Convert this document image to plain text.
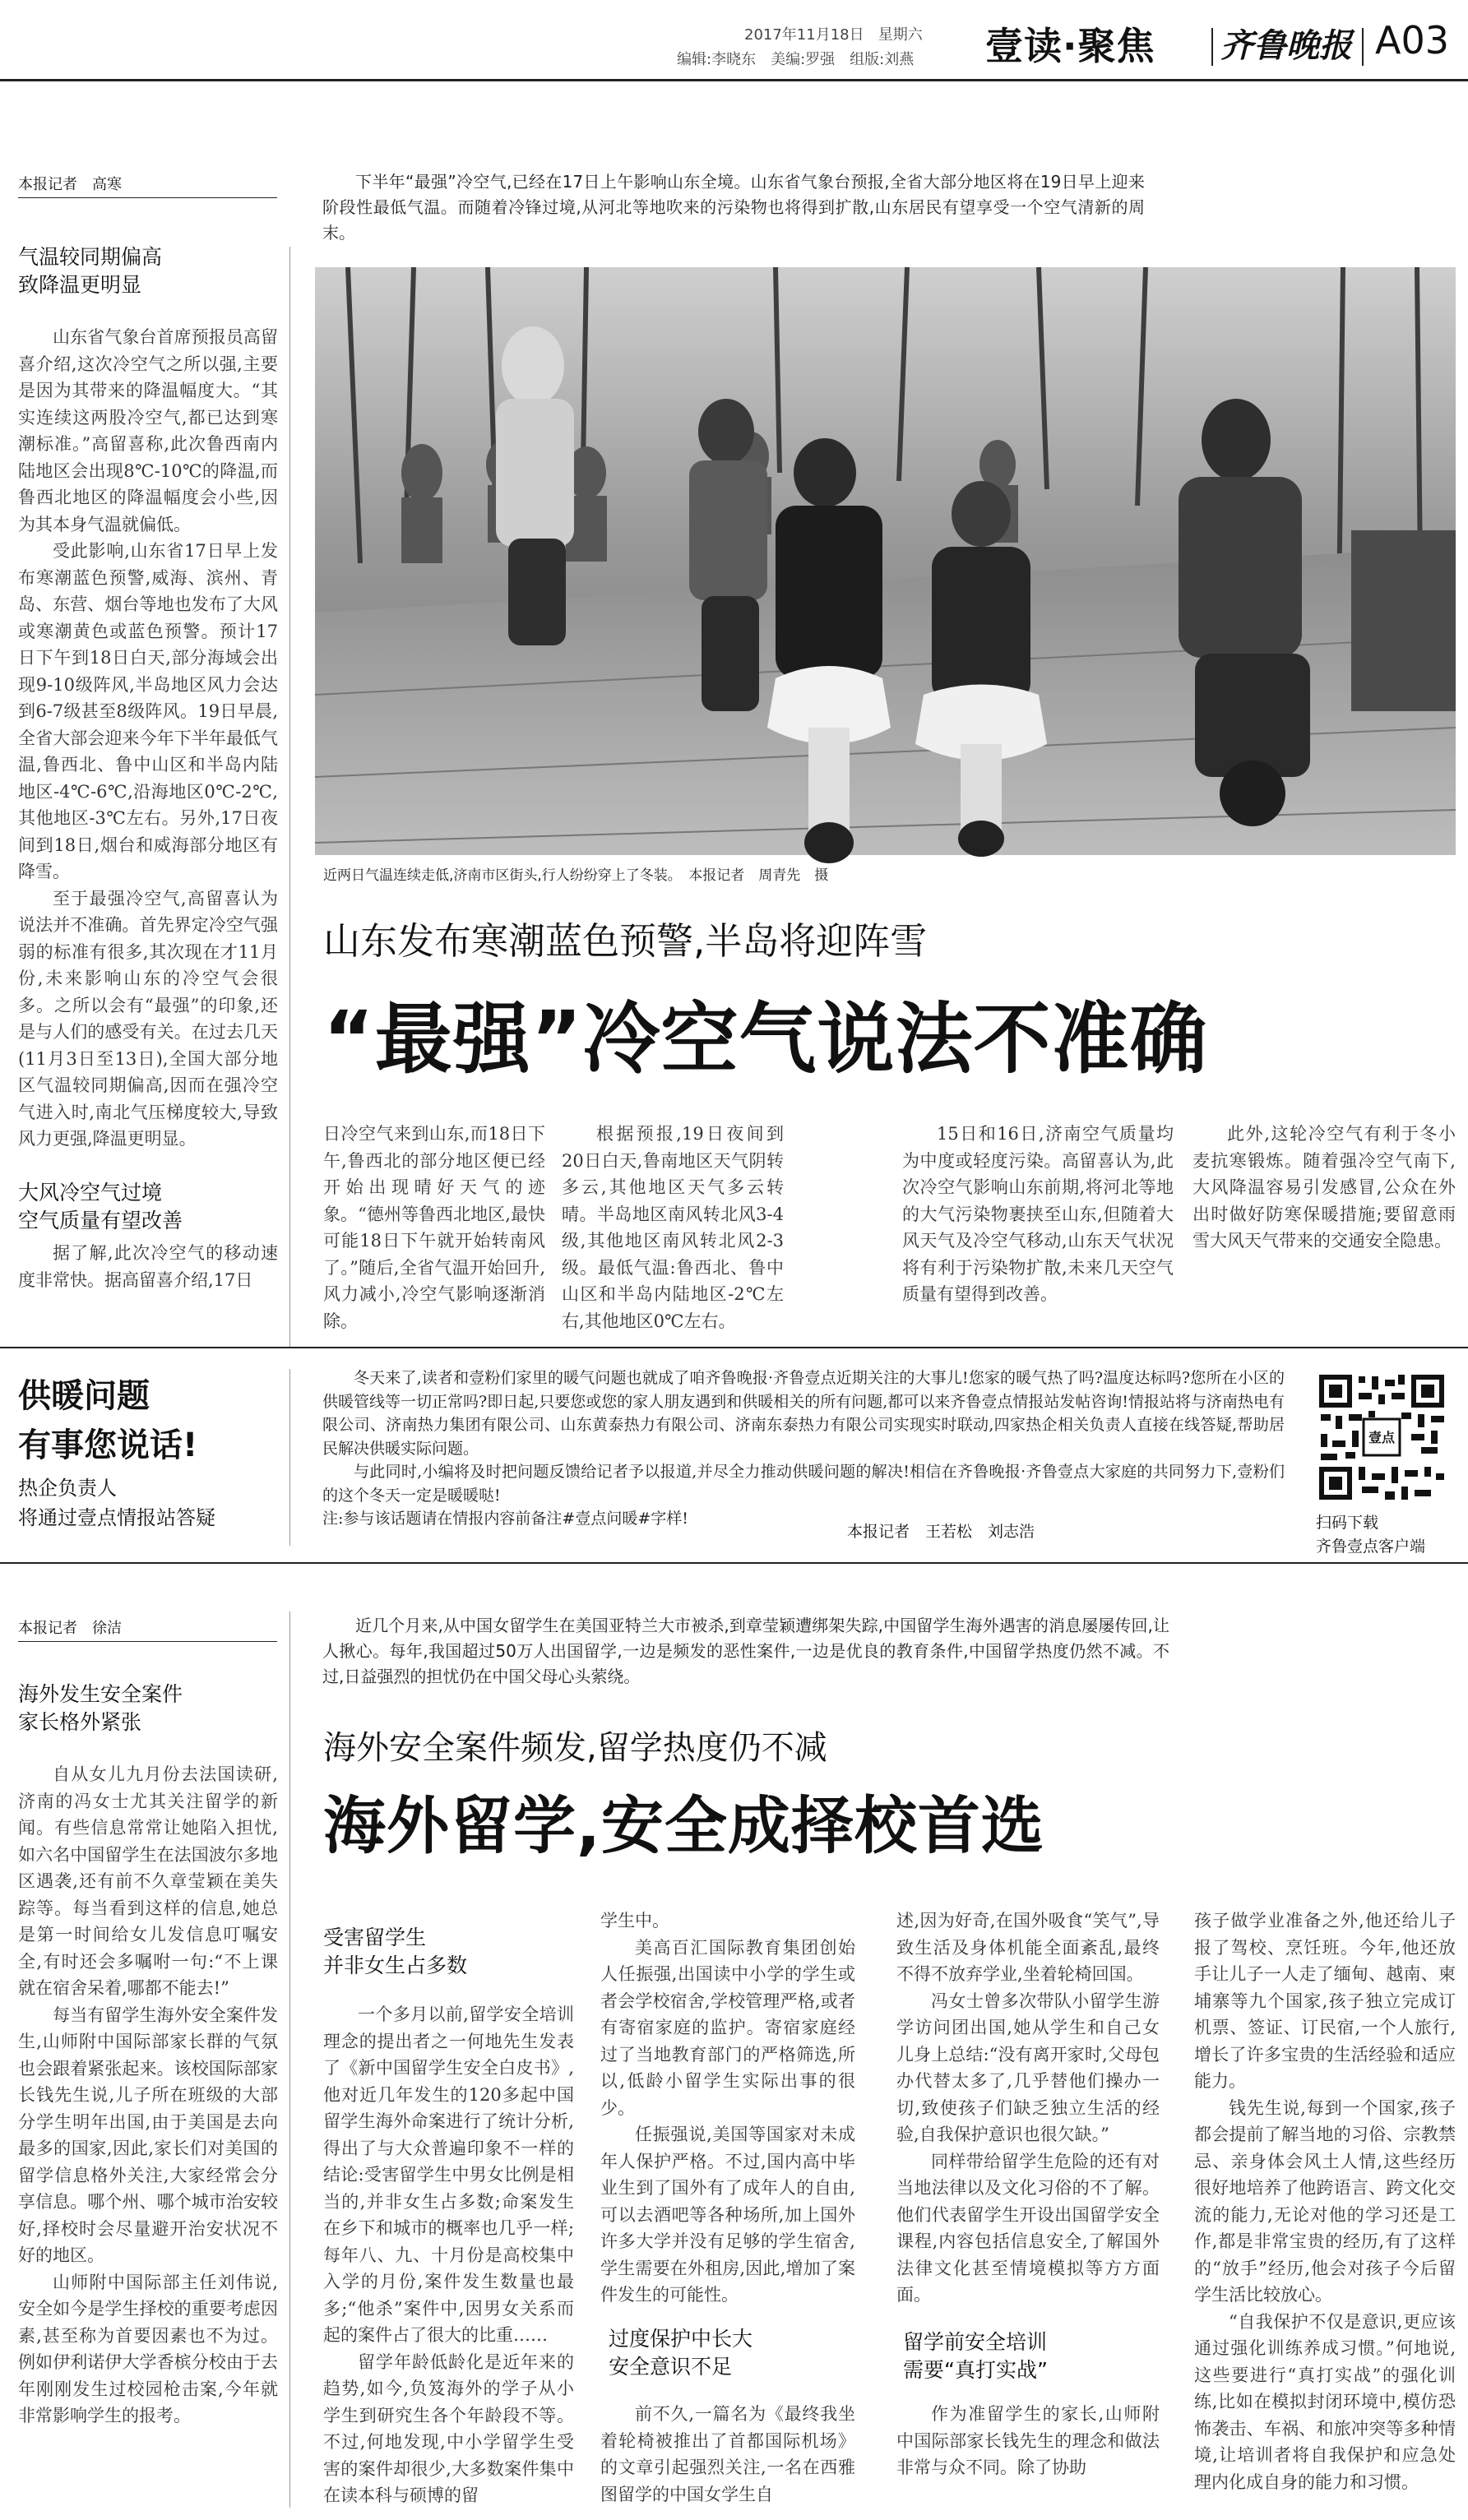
2017年11月18日 星期六
编辑:李晓东　美编:罗强　组版:刘燕 壹读·聚焦 齐鲁晚报 A03
本报记者　高寒
气温较同期偏高
致降温更明显

山东省气象台首席预报员高留喜介绍,这次冷空气之所以强,主要是因为其带来的降温幅度大。“其实连续这两股冷空气,都已达到寒潮标准。”高留喜称,此次鲁西南内陆地区会出现8℃-10℃的降温,而鲁西北地区的降温幅度会小些,因为其本身气温就偏低。

受此影响,山东省17日早上发布寒潮蓝色预警,威海、滨州、青岛、东营、烟台等地也发布了大风或寒潮黄色或蓝色预警。预计17日下午到18日白天,部分海域会出现9-10级阵风,半岛地区风力会达到6-7级甚至8级阵风。19日早晨,全省大部会迎来今年下半年最低气温,鲁西北、鲁中山区和半岛内陆地区-4℃-6℃,沿海地区0℃-2℃,其他地区-3℃左右。另外,17日夜间到18日,烟台和威海部分地区有降雪。

至于最强冷空气,高留喜认为说法并不准确。首先界定冷空气强弱的标准有很多,其次现在才11月份,未来影响山东的冷空气会很多。之所以会有“最强”的印象,还是与人们的感受有关。在过去几天(11月3日至13日),全国大部分地区气温较同期偏高,因而在强冷空气进入时,南北气压梯度较大,导致风力更强,降温更明显。

大风冷空气过境
空气质量有望改善

据了解,此次冷空气的移动速度非常快。据高留喜介绍,17日

下半年“最强”冷空气,已经在17日上午影响山东全境。山东省气象台预报,全省大部分地区将在19日早上迎来阶段性最低气温。而随着冷锋过境,从河北等地吹来的污染物也将得到扩散,山东居民有望享受一个空气清新的周末。

近两日气温连续走低,济南市区街头,行人纷纷穿上了冬装。　本报记者　周青先　摄
山东发布寒潮蓝色预警,半岛将迎阵雪
“最强”冷空气说法不准确

日冷空气来到山东,而18日下午,鲁西北的部分地区便已经开始出现晴好天气的迹象。“德州等鲁西北地区,最快可能18日下午就开始转南风了。”随后,全省气温开始回升,风力减小,冷空气影响逐渐消除。

根据预报,19日夜间到20日白天,鲁南地区天气阴转多云,其他地区天气多云转晴。半岛地区南风转北风3-4级,其他地区南风转北风2-3级。最低气温:鲁西北、鲁中山区和半岛内陆地区-2℃左右,其他地区0℃左右。

15日和16日,济南空气质量均为中度或轻度污染。高留喜认为,此次冷空气影响山东前期,将河北等地的大气污染物裹挟至山东,但随着大风天气及冷空气移动,山东天气状况将有利于污染物扩散,未来几天空气质量有望得到改善。

此外,这轮冷空气有利于冬小麦抗寒锻炼。随着强冷空气南下,大风降温容易引发感冒,公众在外出时做好防寒保暖措施;要留意雨雪大风天气带来的交通安全隐患。

供暖问题
有事您说话!
热企负责人
将通过壹点情报站答疑

冬天来了,读者和壹粉们家里的暖气问题也就成了咱齐鲁晚报·齐鲁壹点近期关注的大事儿!您家的暖气热了吗?温度达标吗?您所在小区的供暖管线等一切正常吗?即日起,只要您或您的家人朋友遇到和供暖相关的所有问题,都可以来齐鲁壹点情报站发帖咨询!情报站将与济南热电有限公司、济南热力集团有限公司、山东黄泰热力有限公司、济南东泰热力有限公司实现实时联动,四家热企相关负责人直接在线答疑,帮助居民解决供暖实际问题。

与此同时,小编将及时把问题反馈给记者予以报道,并尽全力推动供暖问题的解决!相信在齐鲁晚报·齐鲁壹点大家庭的共同努力下,壹粉们的这个冬天一定是暖暖哒!

注:参与该话题请在情报内容前备注#壹点问暖#字样!

本报记者　王若松　刘志浩
壹点
扫码下载
齐鲁壹点客户端
本报记者　徐洁
海外发生安全案件
家长格外紧张

自从女儿九月份去法国读研,济南的冯女士尤其关注留学的新闻。有些信息常常让她陷入担忧,如六名中国留学生在法国波尔多地区遇袭,还有前不久章莹颖在美失踪等。每当看到这样的信息,她总是第一时间给女儿发信息叮嘱安全,有时还会多嘱咐一句:“不上课就在宿舍呆着,哪都不能去!”

每当有留学生海外安全案件发生,山师附中国际部家长群的气氛也会跟着紧张起来。该校国际部家长钱先生说,儿子所在班级的大部分学生明年出国,由于美国是去向最多的国家,因此,家长们对美国的留学信息格外关注,大家经常会分享信息。哪个州、哪个城市治安较好,择校时会尽量避开治安状况不好的地区。

山师附中国际部主任刘伟说,安全如今是学生择校的重要考虑因素,甚至称为首要因素也不为过。例如伊利诺伊大学香槟分校由于去年刚刚发生过校园枪击案,今年就非常影响学生的报考。

近几个月来,从中国女留学生在美国亚特兰大市被杀,到章莹颖遭绑架失踪,中国留学生海外遇害的消息屡屡传回,让人揪心。每年,我国超过50万人出国留学,一边是频发的恶性案件,一边是优良的教育条件,中国留学热度仍然不减。不过,日益强烈的担忧仍在中国父母心头萦绕。

海外安全案件频发,留学热度仍不减
海外留学,安全成择校首选
受害留学生
并非女生占多数

一个多月以前,留学安全培训理念的提出者之一何地先生发表了《新中国留学生安全白皮书》,他对近几年发生的120多起中国留学生海外命案进行了统计分析,得出了与大众普遍印象不一样的结论:受害留学生中男女比例是相当的,并非女生占多数;命案发生在乡下和城市的概率也几乎一样;每年八、九、十月份是高校集中入学的月份,案件发生数量也最多;“他杀”案件中,因男女关系而起的案件占了很大的比重……

留学年龄低龄化是近年来的趋势,如今,负笈海外的学子从小学生到研究生各个年龄段不等。不过,何地发现,中小学留学生受害的案件却很少,大多数案件集中在读本科与硕博的留

学生中。

美高百汇国际教育集团创始人任振强,出国读中小学的学生或者会学校宿舍,学校管理严格,或者有寄宿家庭的监护。寄宿家庭经过了当地教育部门的严格筛选,所以,低龄小留学生实际出事的很少。

任振强说,美国等国家对未成年人保护严格。不过,国内高中毕业生到了国外有了成年人的自由,可以去酒吧等各种场所,加上国外许多大学并没有足够的学生宿舍,学生需要在外租房,因此,增加了案件发生的可能性。

过度保护中长大
安全意识不足

前不久,一篇名为《最终我坐着轮椅被推出了首都国际机场》的文章引起强烈关注,一名在西雅图留学的中国女学生自

述,因为好奇,在国外吸食“笑气”,导致生活及身体机能全面紊乱,最终不得不放弃学业,坐着轮椅回国。

冯女士曾多次带队小留学生游学访问团出国,她从学生和自己女儿身上总结:“没有离开家时,父母包办代替太多了,几乎替他们操办一切,致使孩子们缺乏独立生活的经验,自我保护意识也很欠缺。”

同样带给留学生危险的还有对当地法律以及文化习俗的不了解。他们代表留学生开设出国留学安全课程,内容包括信息安全,了解国外法律文化甚至情境模拟等方方面面。

留学前安全培训
需要“真打实战”

作为准留学生的家长,山师附中国际部家长钱先生的理念和做法非常与众不同。除了协助

孩子做学业准备之外,他还给儿子报了驾校、烹饪班。今年,他还放手让儿子一人走了缅甸、越南、柬埔寨等九个国家,孩子独立完成订机票、签证、订民宿,一个人旅行,增长了许多宝贵的生活经验和适应能力。

钱先生说,每到一个国家,孩子都会提前了解当地的习俗、宗教禁忌、亲身体会风土人情,这些经历很好地培养了他跨语言、跨文化交流的能力,无论对他的学习还是工作,都是非常宝贵的经历,有了这样的“放手”经历,他会对孩子今后留学生活比较放心。

“自我保护不仅是意识,更应该通过强化训练养成习惯。”何地说,这些要进行“真打实战”的强化训练,比如在模拟封闭环境中,模仿恐怖袭击、车祸、和旅冲突等多种情境,让培训者将自我保护和应急处理内化成自身的能力和习惯。
